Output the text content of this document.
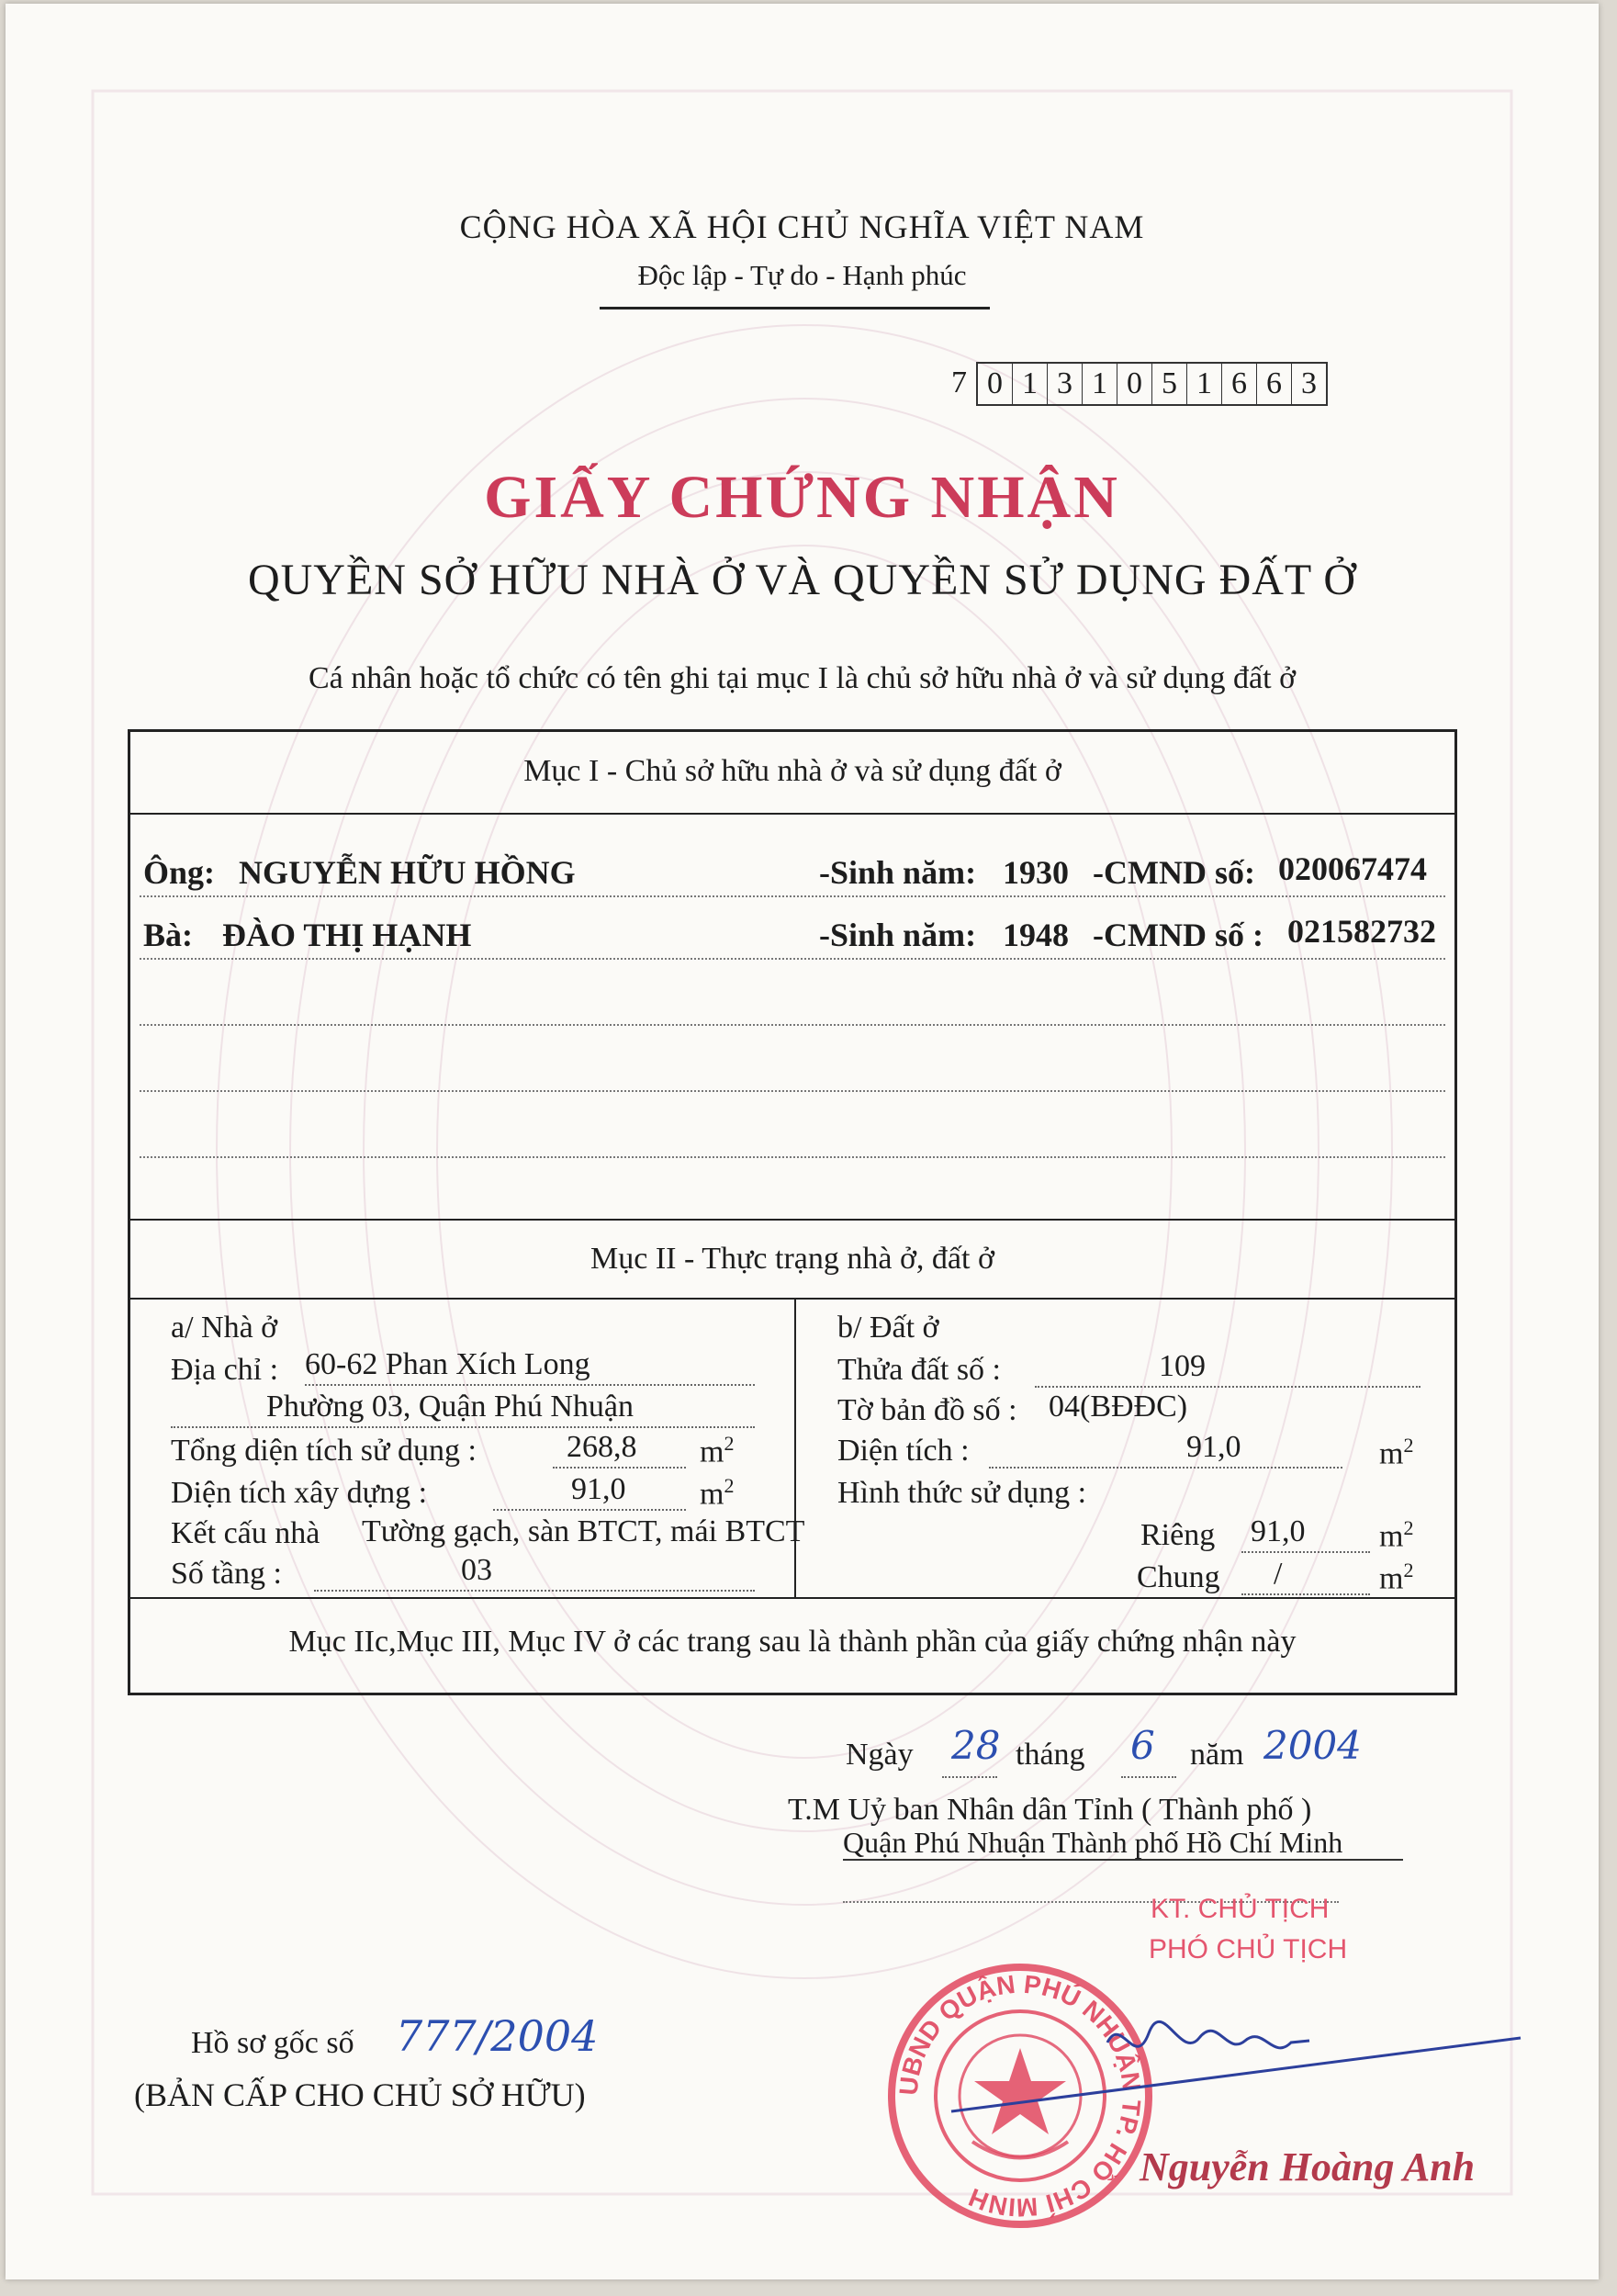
CỘNG HÒA XÃ HỘI CHỦ NGHĨA VIỆT NAM
Độc lập - Tự do - Hạnh phúc
7 0 1 3 1 0 5 1 6 6 3
GIẤY CHỨNG NHẬN
QUYỀN SỞ HỮU NHÀ Ở VÀ QUYỀN SỬ DỤNG ĐẤT Ở
Cá nhân hoặc tổ chức có tên ghi tại mục I là chủ sở hữu nhà ở và sử dụng đất ở
Mục I - Chủ sở hữu nhà ở và sử dụng đất ở
Ông: NGUYỄN HỮU HỒNG	-Sinh năm: 1930 -CMND số: 020067474
Bà: ĐÀO THỊ HẠNH	-Sinh năm: 1948 -CMND số : 021582732
Mục II - Thực trạng nhà ở, đất ở
a/ Nhà ở
Địa chỉ : 60-62 Phan Xích Long
Phường 03, Quận Phú Nhuận
Tổng diện tích sử dụng :	268,8 $m^2$
Diện tích xây dựng :	91,0 $m^2$
Kết cấu nhà Tường gạch, sàn BTCT, mái BTCT
Số tầng :	03
b/ Đất ở
Thửa đất số :	109
Tờ bản đồ số : 04(BĐĐC)
Diện tích :	91,0	$m^2$
Hình thức sử dụng :
Riêng 91,0 $m^2$
Chung /	$m^2$
Mục IIc,Mục III, Mục IV ở các trang sau là thành phần của giấy chứng nhận này
Ngày 28 tháng 6 năm 2004
T.M Uỷ ban Nhân dân Tỉnh ( Thành phố )
Quận Phú Nhuận Thành phố Hồ Chí Minh
KT. CHỦ TỊCH
PHÓ CHỦ TỊCH
UBND QUẬN PHÚ NHUẬN TP. HỒ CHÍ MINH
Nguyễn Hoàng Anh
Hồ sơ gốc số 777/2004
(BẢN CẤP CHO CHỦ SỞ HỮU)
